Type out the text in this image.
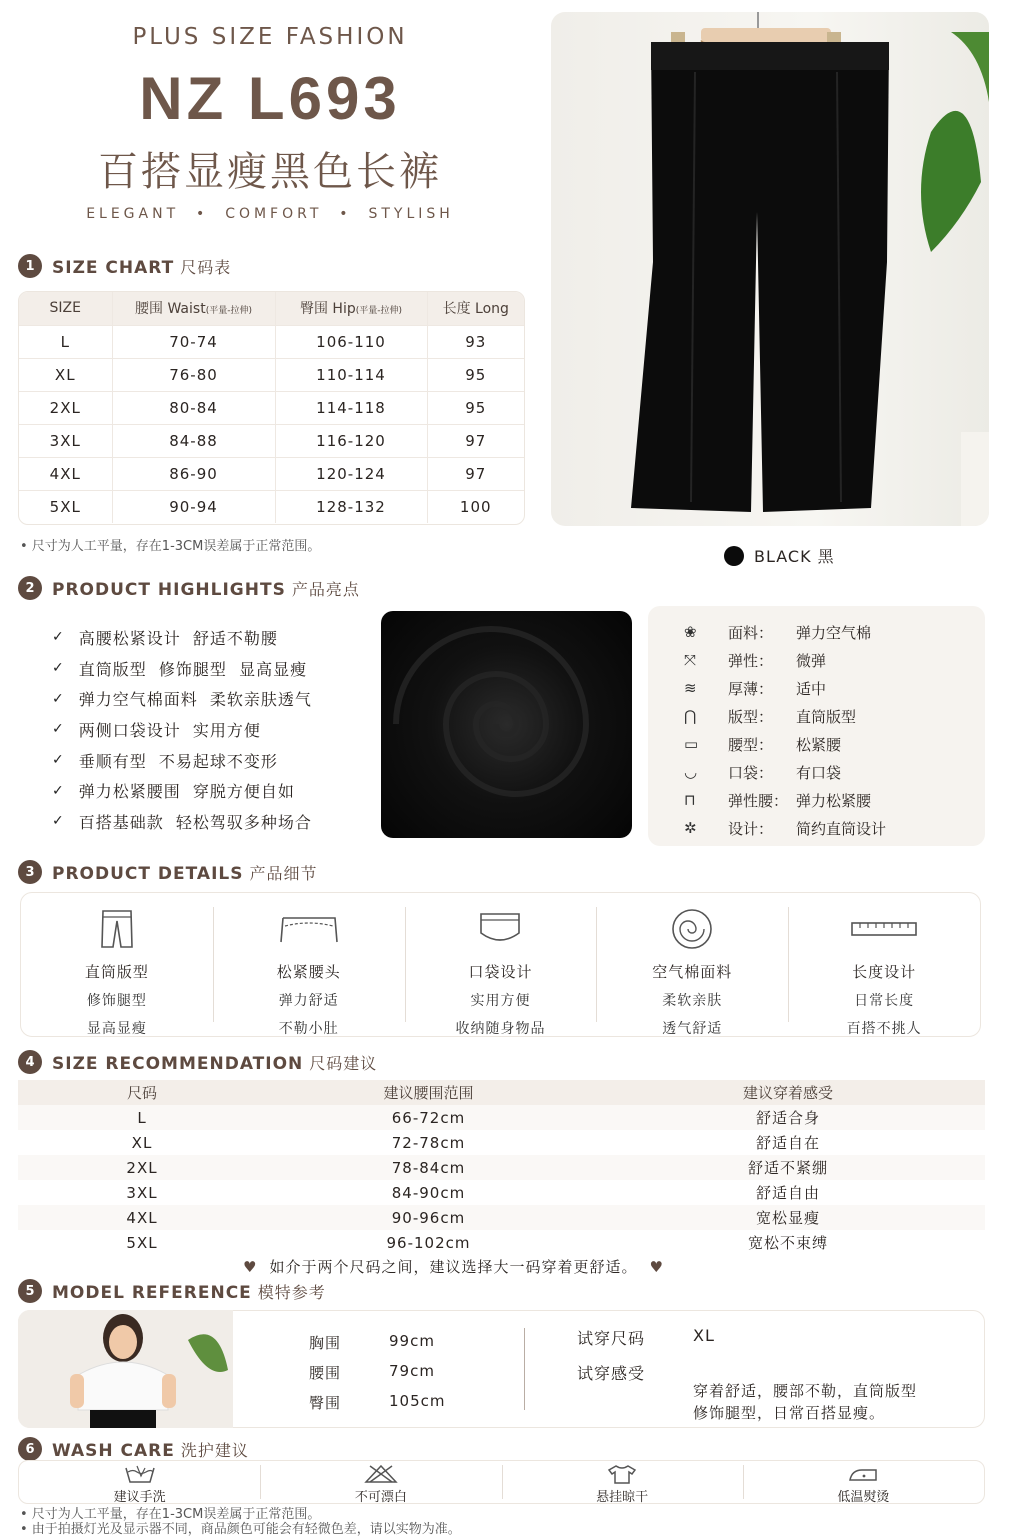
PLUS SIZE FASHION
NZ L693
百搭显瘦黑色长裤
ELEGANT  •  COMFORT  •  STYLISH
BLACK 黑
1	SIZE CHART 尺码表
SIZE	腰围 Waist(平量-拉伸)	臀围 Hip(平量-拉伸)	长度 Long
L	70-74	106-110	93
XL	76-80	110-114	95
2XL	80-84	114-118	95
3XL	84-88	116-120	97
4XL	86-90	120-124	97
5XL	90-94	128-132	100
• 尺寸为人工平量，存在1-3CM误差属于正常范围。
2	PRODUCT HIGHLIGHTS 产品亮点
✓ 高腰松紧设计  舒适不勒腰
✓ 直筒版型  修饰腿型  显高显瘦
✓ 弹力空气棉面料  柔软亲肤透气
✓ 两侧口袋设计  实用方便
✓ 垂顺有型  不易起球不变形
✓ 弹力松紧腰围  穿脱方便自如
✓ 百搭基础款  轻松驾驭多种场合
❀	面料：	弹力空气棉
⤧	弹性：	微弹
≋	厚薄：	适中
⋂	版型：	直筒版型
▭	腰型：	松紧腰
◡	口袋：	有口袋
⊓	弹性腰： 弹力松紧腰
✲	设计：	简约直筒设计
3	PRODUCT DETAILS 产品细节
直筒版型
修饰腿型
显高显瘦
松紧腰头
弹力舒适
不勒小肚
口袋设计
实用方便
收纳随身物品
空气棉面料
柔软亲肤
透气舒适
长度设计
日常长度
百搭不挑人
4	SIZE RECOMMENDATION 尺码建议
尺码	建议腰围范围	建议穿着感受
L	66-72cm	舒适合身
XL	72-78cm	舒适自在
2XL	78-84cm	舒适不紧绷
3XL	84-90cm	舒适自由
4XL	90-96cm	宽松显瘦
5XL	96-102cm	宽松不束缚
♥ 如介于两个尺码之间，建议选择大一码穿着更舒适。 ♥
5	MODEL REFERENCE 模特参考
胸围	99cm
腰围	79cm
臀围	105cm
试穿尺码	XL
试穿感受
穿着舒适，腰部不勒，直筒版型
修饰腿型，日常百搭显瘦。
6	WASH CARE 洗护建议
建议手洗	不可漂白	悬挂晾干	低温熨烫
• 尺寸为人工平量，存在1-3CM误差属于正常范围。
• 由于拍摄灯光及显示器不同，商品颜色可能会有轻微色差，请以实物为准。
